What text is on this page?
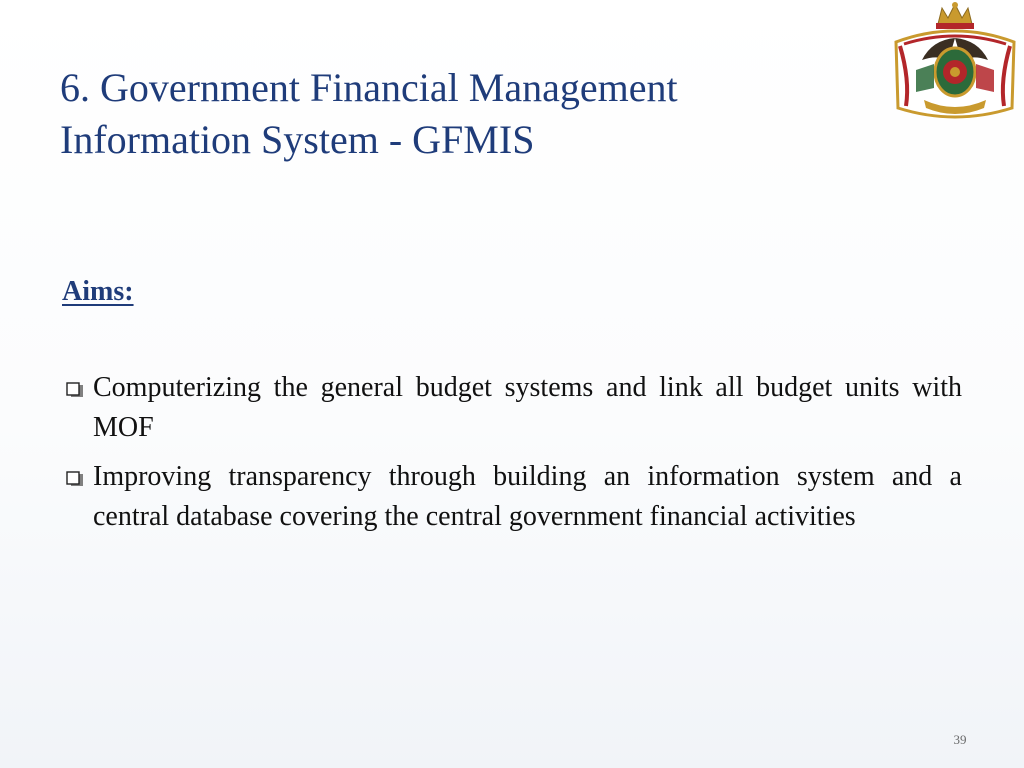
6. Government Financial Management
Information System - GFMIS

Aims:

Computerizing the general budget systems and link all budget units with MOF
Improving transparency through building an information system and a central database covering the central government financial activities
39
